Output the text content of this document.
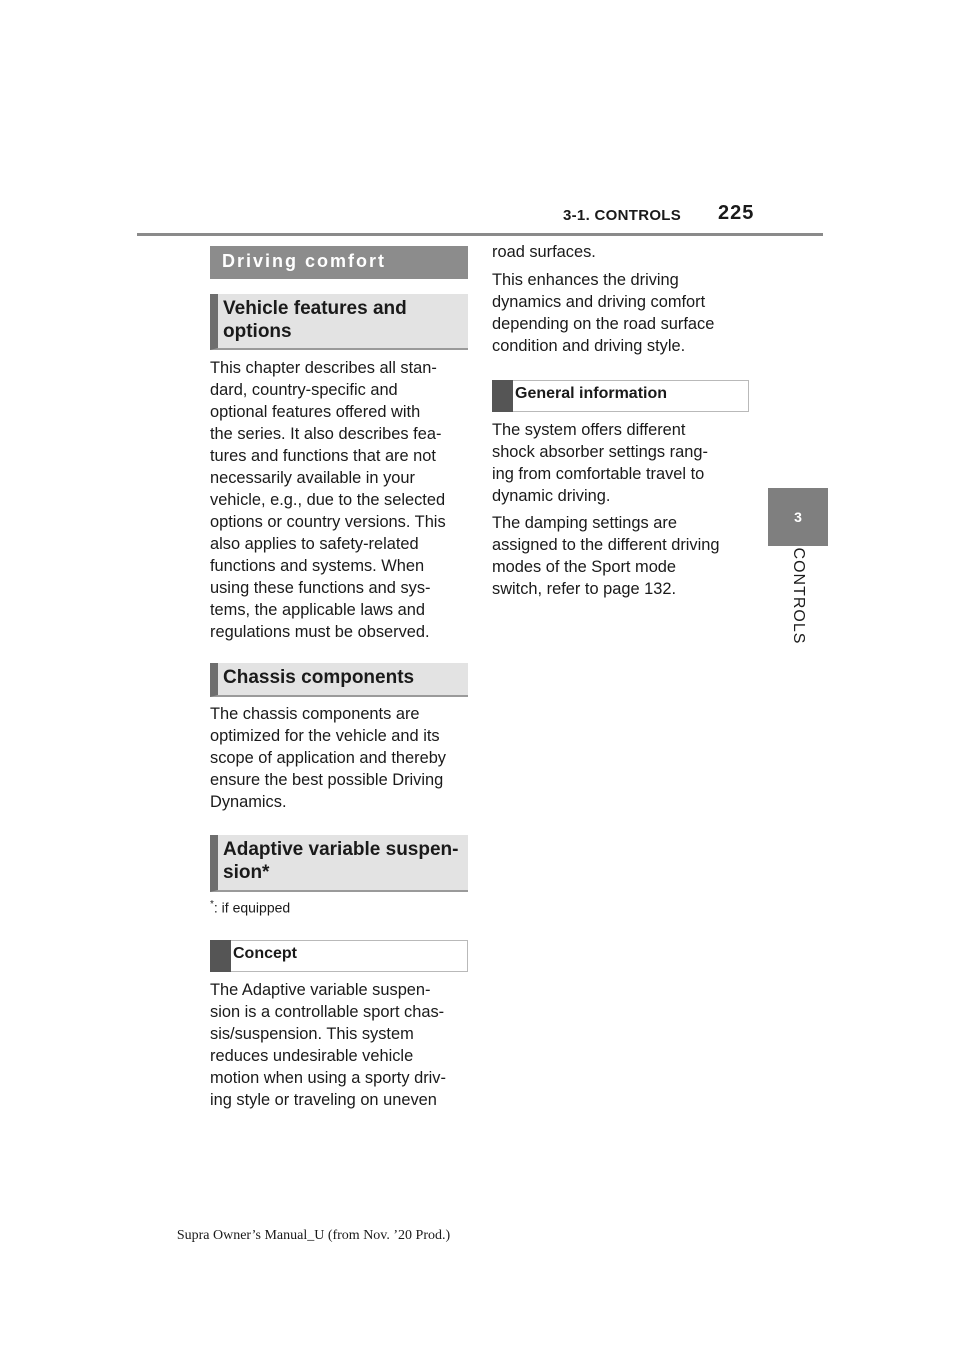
3-1. CONTROLS 225
3
CONTROLS
Driving comfort
Vehicle features and
options

This chapter describes all stan-
dard, country-specific and
optional features offered with
the series. It also describes fea-
tures and functions that are not
necessarily available in your
vehicle, e.g., due to the selected
options or country versions. This
also applies to safety-related
functions and systems. When
using these functions and sys-
tems, the applicable laws and
regulations must be observed.

Chassis components

The chassis components are
optimized for the vehicle and its
scope of application and thereby
ensure the best possible Driving
Dynamics.

Adaptive variable suspen-
sion*
*: if equipped
Concept

The Adaptive variable suspen-
sion is a controllable sport chas-
sis/suspension. This system
reduces undesirable vehicle
motion when using a sporty driv-
ing style or traveling on uneven

road surfaces.

This enhances the driving
dynamics and driving comfort
depending on the road surface
condition and driving style.

General information

The system offers different
shock absorber settings rang-
ing from comfortable travel to
dynamic driving.

The damping settings are
assigned to the different driving
modes of the Sport mode
switch, refer to page 132.

Supra Owner’s Manual_U (from Nov. ’20 Prod.)
